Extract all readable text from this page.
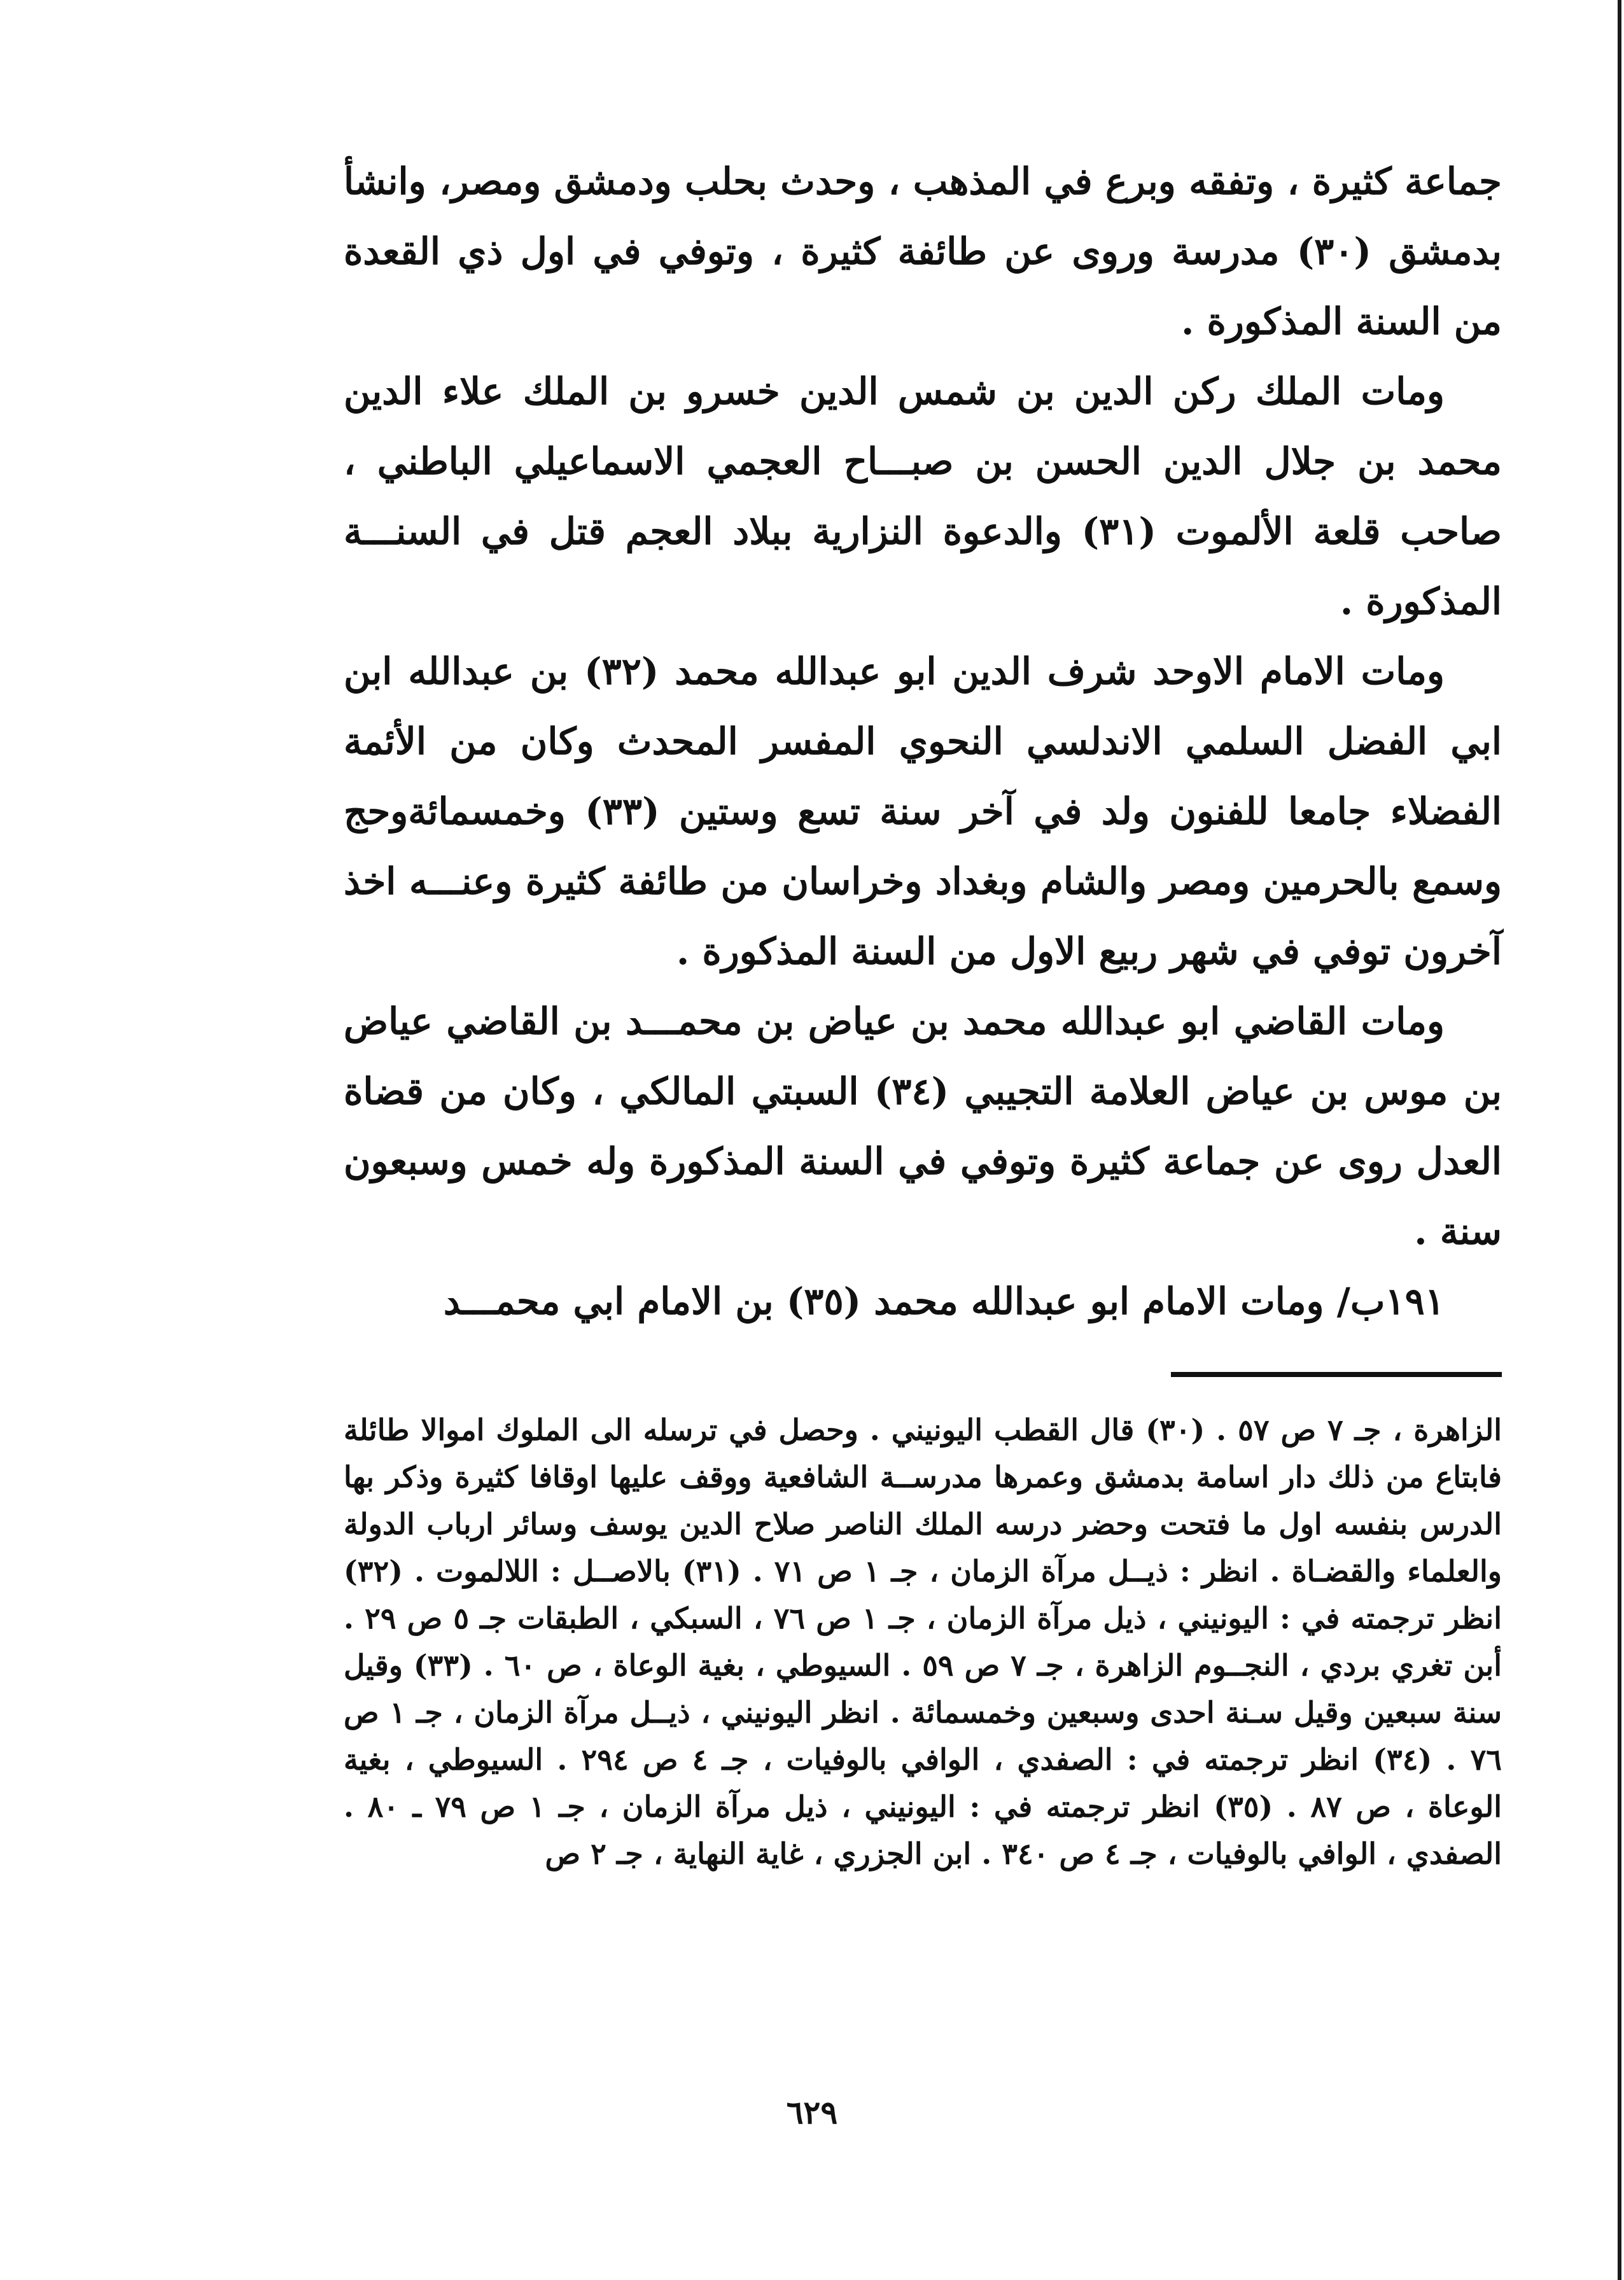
جماعة كثيرة ، وتفقه وبرع في المذهب ، وحدث بحلب ودمشق ومصر، وانشأ بدمشق (٣٠) مدرسة وروى عن طائفة كثيرة ، وتوفي في اول ذي القعدة من السنة المذكورة .

ومات الملك ركن الدين بن شمس الدين خسرو بن الملك علاء الدين محمد بن جلال الدين الحسن بن صبـــاح العجمي الاسماعيلي الباطني ، صاحب قلعة الألموت (٣١) والدعوة النزارية ببلاد العجم قتل في السنـــة المذكورة .

ومات الامام الاوحد شرف الدين ابو عبدالله محمد (٣٢) بن عبدالله ابن ابي الفضل السلمي الاندلسي النحوي المفسر المحدث وكان من الأئمة الفضلاء جامعا للفنون ولد في آخر سنة تسع وستين (٣٣) وخمسمائةوحج وسمع بالحرمين ومصر والشام وبغداد وخراسان من طائفة كثيرة وعنـــه اخذ آخرون توفي في شهر ربيع الاول من السنة المذكورة .

ومات القاضي ابو عبدالله محمد بن عياض بن محمـــد بن القاضي عياض بن موس بن عياض العلامة التجيبي (٣٤) السبتي المالكي ، وكان من قضاة العدل روى عن جماعة كثيرة وتوفي في السنة المذكورة وله خمس وسبعون سنة .

١٩١ب/ ومات الامام ابو عبدالله محمد (٣٥) بن الامام ابي محمـــد

الزاهرة ، جـ ٧ ص ٥٧ . (٣٠) قال القطب اليونيني . وحصل في ترسله الى الملوك اموالا طائلة فابتاع من ذلك دار اسامة بدمشق وعمرها مدرســة الشافعية ووقف عليها اوقافا كثيرة وذكر بها الدرس بنفسه اول ما فتحت وحضر درسه الملك الناصر صلاح الدين يوسف وسائر ارباب الدولة والعلماء والقضـاة . انظر : ذيــل مرآة الزمان ، جـ ١ ص ٧١ . (٣١) بالاصــل : اللالموت . (٣٢) انظر ترجمته في : اليونيني ، ذيل مرآة الزمان ، جـ ١ ص ٧٦ ، السبكي ، الطبقات جـ ٥ ص ٢٩ . أبن تغري بردي ، النجــوم الزاهرة ، جـ ٧ ص ٥٩ . السيوطي ، بغية الوعاة ، ص ٦٠ . (٣٣) وقيل سنة سبعين وقيل سـنة احدى وسبعين وخمسمائة . انظر اليونيني ، ذيــل مرآة الزمان ، جـ ١ ص ٧٦ . (٣٤) انظر ترجمته في : الصفدي ، الوافي بالوفيات ، جـ ٤ ص ٢٩٤ . السيوطي ، بغية الوعاة ، ص ٨٧ . (٣٥) انظر ترجمته في : اليونيني ، ذيل مرآة الزمان ، جـ ١ ص ٧٩ ـ ٨٠ . الصفدي ، الوافي بالوفيات ، جـ ٤ ص ٣٤٠ . ابن الجزري ، غاية النهاية ، جـ ٢ ص

٦٢٩
